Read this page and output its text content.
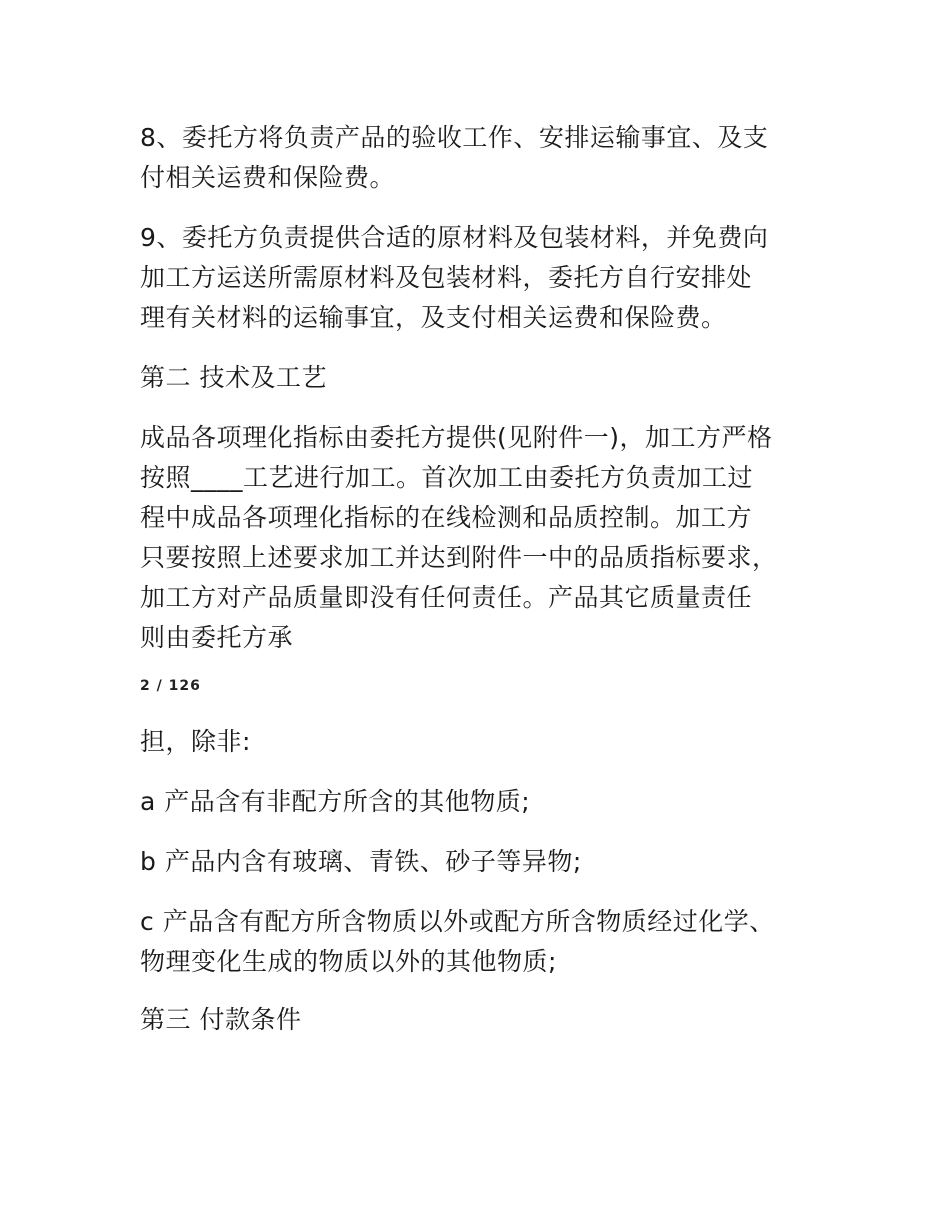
8、委托方将负责产品的验收工作、安排运输事宜、及支
付相关运费和保险费。

9、委托方负责提供合适的原材料及包装材料，并免费向
加工方运送所需原材料及包装材料，委托方自行安排处
理有关材料的运输事宜，及支付相关运费和保险费。

第二 技术及工艺

成品各项理化指标由委托方提供(见附件一)，加工方严格
按照____工艺进行加工。首次加工由委托方负责加工过
程中成品各项理化指标的在线检测和品质控制。加工方
只要按照上述要求加工并达到附件一中的品质指标要求，
加工方对产品质量即没有任何责任。产品其它质量责任
则由委托方承

2 / 126

担，除非:

a 产品含有非配方所含的其他物质;

b 产品内含有玻璃、青铁、砂子等异物;

c 产品含有配方所含物质以外或配方所含物质经过化学、
物理变化生成的物质以外的其他物质;

第三 付款条件
